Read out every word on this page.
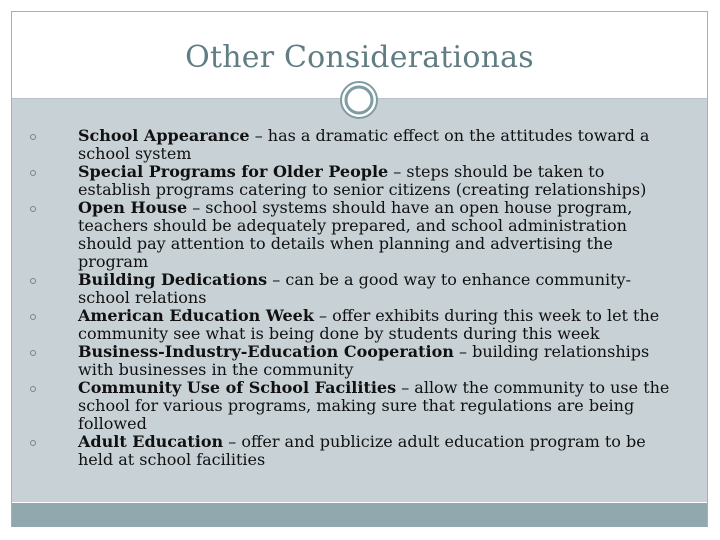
Other Considerationas
School Appearance – has a dramatic effect on the attitudes toward a school system
Special Programs for Older People – steps should be taken to establish programs catering to senior citizens (creating relationships)
Open House – school systems should have an open house program, teachers should be adequately prepared, and school administration should pay attention to details when planning and advertising the program
Building Dedications – can be a good way to enhance community-school relations
American Education Week – offer exhibits during this week to let the community see what is being done by students during this week
Business-Industry-Education Cooperation – building relationships with businesses in the community
Community Use of School Facilities – allow the community to use the school for various programs, making sure that regulations are being followed
Adult Education – offer and publicize adult education program to be held at school facilities
